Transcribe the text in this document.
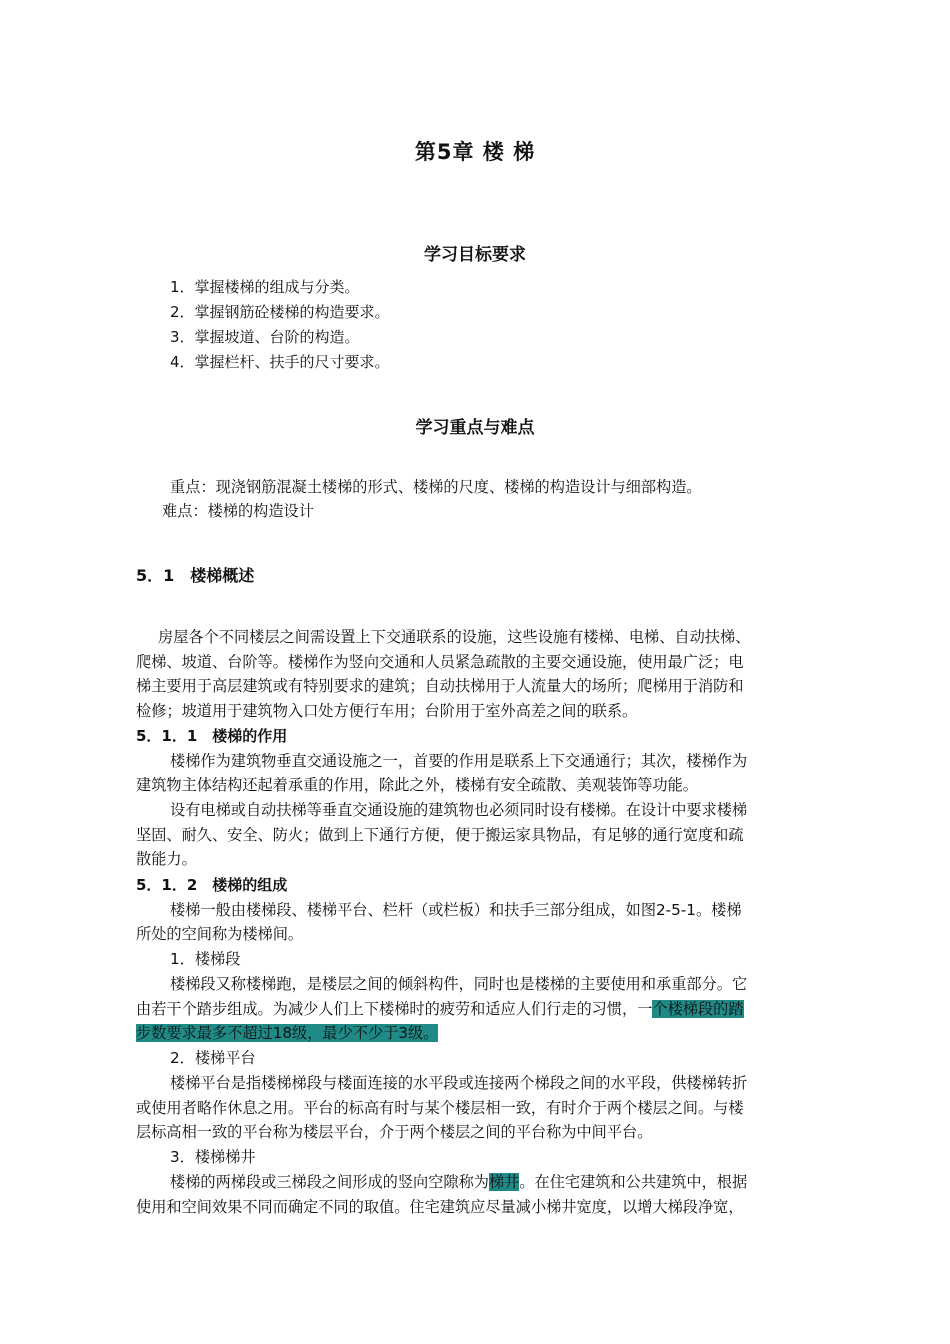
第5章 楼 梯
学习目标要求
1．掌握楼梯的组成与分类。
2．掌握钢筋砼楼梯的构造要求。
3．掌握坡道、台阶的构造。
4．掌握栏杆、扶手的尺寸要求。
学习重点与难点
重点：现浇钢筋混凝土楼梯的形式、楼梯的尺度、楼梯的构造设计与细部构造。
难点：楼梯的构造设计
5．1　楼梯概述
房屋各个不同楼层之间需设置上下交通联系的设施，这些设施有楼梯、电梯、自动扶梯、
爬梯、坡道、台阶等。楼梯作为竖向交通和人员紧急疏散的主要交通设施，使用最广泛；电
梯主要用于高层建筑或有特别要求的建筑；自动扶梯用于人流量大的场所；爬梯用于消防和
检修；坡道用于建筑物入口处方便行车用；台阶用于室外高差之间的联系。
5．1．1　楼梯的作用
楼梯作为建筑物垂直交通设施之一，首要的作用是联系上下交通通行；其次，楼梯作为
建筑物主体结构还起着承重的作用，除此之外，楼梯有安全疏散、美观装饰等功能。
设有电梯或自动扶梯等垂直交通设施的建筑物也必须同时设有楼梯。在设计中要求楼梯
坚固、耐久、安全、防火；做到上下通行方便，便于搬运家具物品，有足够的通行宽度和疏
散能力。
5．1．2　楼梯的组成
楼梯一般由楼梯段、楼梯平台、栏杆（或栏板）和扶手三部分组成，如图2-5-1。楼梯
所处的空间称为楼梯间。
1．楼梯段
楼梯段又称楼梯跑，是楼层之间的倾斜构件，同时也是楼梯的主要使用和承重部分。它
由若干个踏步组成。为减少人们上下楼梯时的疲劳和适应人们行走的习惯，一个楼梯段的踏
步数要求最多不超过18级，最少不少于3级。
2．楼梯平台
楼梯平台是指楼梯梯段与楼面连接的水平段或连接两个梯段之间的水平段，供楼梯转折
或使用者略作休息之用。平台的标高有时与某个楼层相一致，有时介于两个楼层之间。与楼
层标高相一致的平台称为楼层平台，介于两个楼层之间的平台称为中间平台。
3．楼梯梯井
楼梯的两梯段或三梯段之间形成的竖向空隙称为梯井。在住宅建筑和公共建筑中，根据
使用和空间效果不同而确定不同的取值。住宅建筑应尽量减小梯井宽度，以增大梯段净宽，
